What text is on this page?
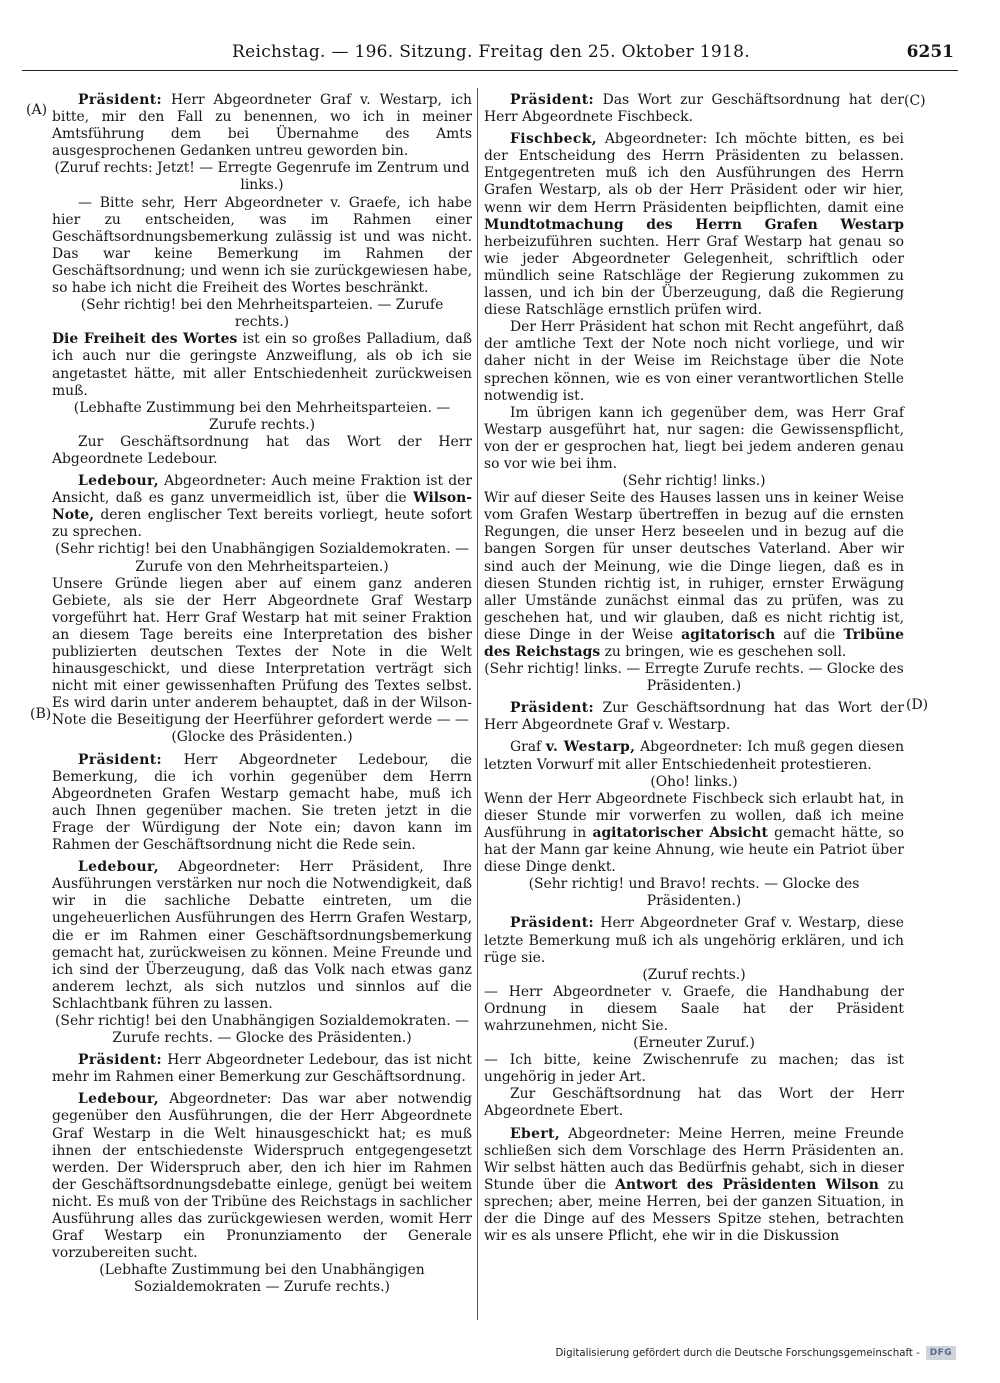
Reichstag. — 196. Sitzung. Freitag den 25. Oktober 1918.	6251
(A)
(B)
(C)
(D)

Präsident: Herr Abgeordneter Graf v. Westarp, ich bitte, mir den Fall zu benennen, wo ich in meiner Amtsführung dem bei Übernahme des Amts ausgesprochenen Gedanken untreu geworden bin.

(Zuruf rechts: Jetzt! — Erregte Gegenrufe im Zentrum und links.)

— Bitte sehr, Herr Abgeordneter v. Graefe, ich habe hier zu entscheiden, was im Rahmen einer Geschäftsordnungsbemerkung zulässig ist und was nicht. Das war keine Bemerkung im Rahmen der Geschäftsordnung; und wenn ich sie zurückgewiesen habe, so habe ich nicht die Freiheit des Wortes beschränkt.

(Sehr richtig! bei den Mehrheitsparteien. — Zurufe rechts.)

Die Freiheit des Wortes ist ein so großes Palladium, daß ich auch nur die geringste Anzweiflung, als ob ich sie angetastet hätte, mit aller Entschiedenheit zurückweisen muß.

(Lebhafte Zustimmung bei den Mehrheitsparteien. — Zurufe rechts.)

Zur Geschäftsordnung hat das Wort der Herr Abgeordnete Ledebour.

Ledebour, Abgeordneter: Auch meine Fraktion ist der Ansicht, daß es ganz unvermeidlich ist, über die Wilson-Note, deren englischer Text bereits vorliegt, heute sofort zu sprechen.

(Sehr richtig! bei den Unabhängigen Sozialdemokraten. — Zurufe von den Mehrheitsparteien.)

Unsere Gründe liegen aber auf einem ganz anderen Gebiete, als sie der Herr Abgeordnete Graf Westarp vorgeführt hat. Herr Graf Westarp hat mit seiner Fraktion an diesem Tage bereits eine Interpretation des bisher publizierten deutschen Textes der Note in die Welt hinausgeschickt, und diese Interpretation verträgt sich nicht mit einer gewissenhaften Prüfung des Textes selbst. Es wird darin unter anderem behauptet, daß in der Wilson-Note die Beseitigung der Heerführer gefordert werde — —

(Glocke des Präsidenten.)

Präsident: Herr Abgeordneter Ledebour, die Bemerkung, die ich vorhin gegenüber dem Herrn Abgeordneten Grafen Westarp gemacht habe, muß ich auch Ihnen gegenüber machen. Sie treten jetzt in die Frage der Würdigung der Note ein; davon kann im Rahmen der Geschäftsordnung nicht die Rede sein.

Ledebour, Abgeordneter: Herr Präsident, Ihre Ausführungen verstärken nur noch die Notwendigkeit, daß wir in die sachliche Debatte eintreten, um die ungeheuerlichen Ausführungen des Herrn Grafen Westarp, die er im Rahmen einer Geschäftsordnungsbemerkung gemacht hat, zurückweisen zu können. Meine Freunde und ich sind der Überzeugung, daß das Volk nach etwas ganz anderem lechzt, als sich nutzlos und sinnlos auf die Schlachtbank führen zu lassen.

(Sehr richtig! bei den Unabhängigen Sozialdemokraten. — Zurufe rechts. — Glocke des Präsidenten.)

Präsident: Herr Abgeordneter Ledebour, das ist nicht mehr im Rahmen einer Bemerkung zur Geschäftsordnung.

Ledebour, Abgeordneter: Das war aber notwendig gegenüber den Ausführungen, die der Herr Abgeordnete Graf Westarp in die Welt hinausgeschickt hat; es muß ihnen der entschiedenste Widerspruch entgegengesetzt werden. Der Widerspruch aber, den ich hier im Rahmen der Geschäftsordnungsdebatte einlege, genügt bei weitem nicht. Es muß von der Tribüne des Reichstags in sachlicher Ausführung alles das zurückgewiesen werden, womit Herr Graf Westarp ein Pronunziamento der Generale vorzubereiten sucht.

(Lebhafte Zustimmung bei den Unabhängigen Sozialdemokraten — Zurufe rechts.)

Präsident: Das Wort zur Geschäftsordnung hat der Herr Abgeordnete Fischbeck.

Fischbeck, Abgeordneter: Ich möchte bitten, es bei der Entscheidung des Herrn Präsidenten zu belassen. Entgegentreten muß ich den Ausführungen des Herrn Grafen Westarp, als ob der Herr Präsident oder wir hier, wenn wir dem Herrn Präsidenten beipflichten, damit eine Mundtotmachung des Herrn Grafen Westarp herbeizuführen suchten. Herr Graf Westarp hat genau so wie jeder Abgeordneter Gelegenheit, schriftlich oder mündlich seine Ratschläge der Regierung zukommen zu lassen, und ich bin der Überzeugung, daß die Regierung diese Ratschläge ernstlich prüfen wird.

Der Herr Präsident hat schon mit Recht angeführt, daß der amtliche Text der Note noch nicht vorliege, und wir daher nicht in der Weise im Reichstage über die Note sprechen können, wie es von einer verantwortlichen Stelle notwendig ist.

Im übrigen kann ich gegenüber dem, was Herr Graf Westarp ausgeführt hat, nur sagen: die Gewissenspflicht, von der er gesprochen hat, liegt bei jedem anderen genau so vor wie bei ihm.

(Sehr richtig! links.)

Wir auf dieser Seite des Hauses lassen uns in keiner Weise vom Grafen Westarp übertreffen in bezug auf die ernsten Regungen, die unser Herz beseelen und in bezug auf die bangen Sorgen für unser deutsches Vaterland. Aber wir sind auch der Meinung, wie die Dinge liegen, daß es in diesen Stunden richtig ist, in ruhiger, ernster Erwägung aller Umstände zunächst einmal das zu prüfen, was zu geschehen hat, und wir glauben, daß es nicht richtig ist, diese Dinge in der Weise agitatorisch auf die Tribüne des Reichstags zu bringen, wie es geschehen soll.

(Sehr richtig! links. — Erregte Zurufe rechts. — Glocke des Präsidenten.)

Präsident: Zur Geschäftsordnung hat das Wort der Herr Abgeordnete Graf v. Westarp.

Graf v. Westarp, Abgeordneter: Ich muß gegen diesen letzten Vorwurf mit aller Entschiedenheit protestieren.

(Oho! links.)

Wenn der Herr Abgeordnete Fischbeck sich erlaubt hat, in dieser Stunde mir vorwerfen zu wollen, daß ich meine Ausführung in agitatorischer Absicht gemacht hätte, so hat der Mann gar keine Ahnung, wie heute ein Patriot über diese Dinge denkt.

(Sehr richtig! und Bravo! rechts. — Glocke des Präsidenten.)

Präsident: Herr Abgeordneter Graf v. Westarp, diese letzte Bemerkung muß ich als ungehörig erklären, und ich rüge sie.

(Zuruf rechts.)

— Herr Abgeordneter v. Graefe, die Handhabung der Ordnung in diesem Saale hat der Präsident wahrzunehmen, nicht Sie.

(Erneuter Zuruf.)

— Ich bitte, keine Zwischenrufe zu machen; das ist ungehörig in jeder Art.

Zur Geschäftsordnung hat das Wort der Herr Abgeordnete Ebert.

Ebert, Abgeordneter: Meine Herren, meine Freunde schließen sich dem Vorschlage des Herrn Präsidenten an. Wir selbst hätten auch das Bedürfnis gehabt, sich in dieser Stunde über die Antwort des Präsidenten Wilson zu sprechen; aber, meine Herren, bei der ganzen Situation, in der die Dinge auf des Messers Spitze stehen, betrachten wir es als unsere Pflicht, ehe wir in die Diskussion

Digitalisierung gefördert durch die Deutsche Forschungsgemeinschaft -	DFG
